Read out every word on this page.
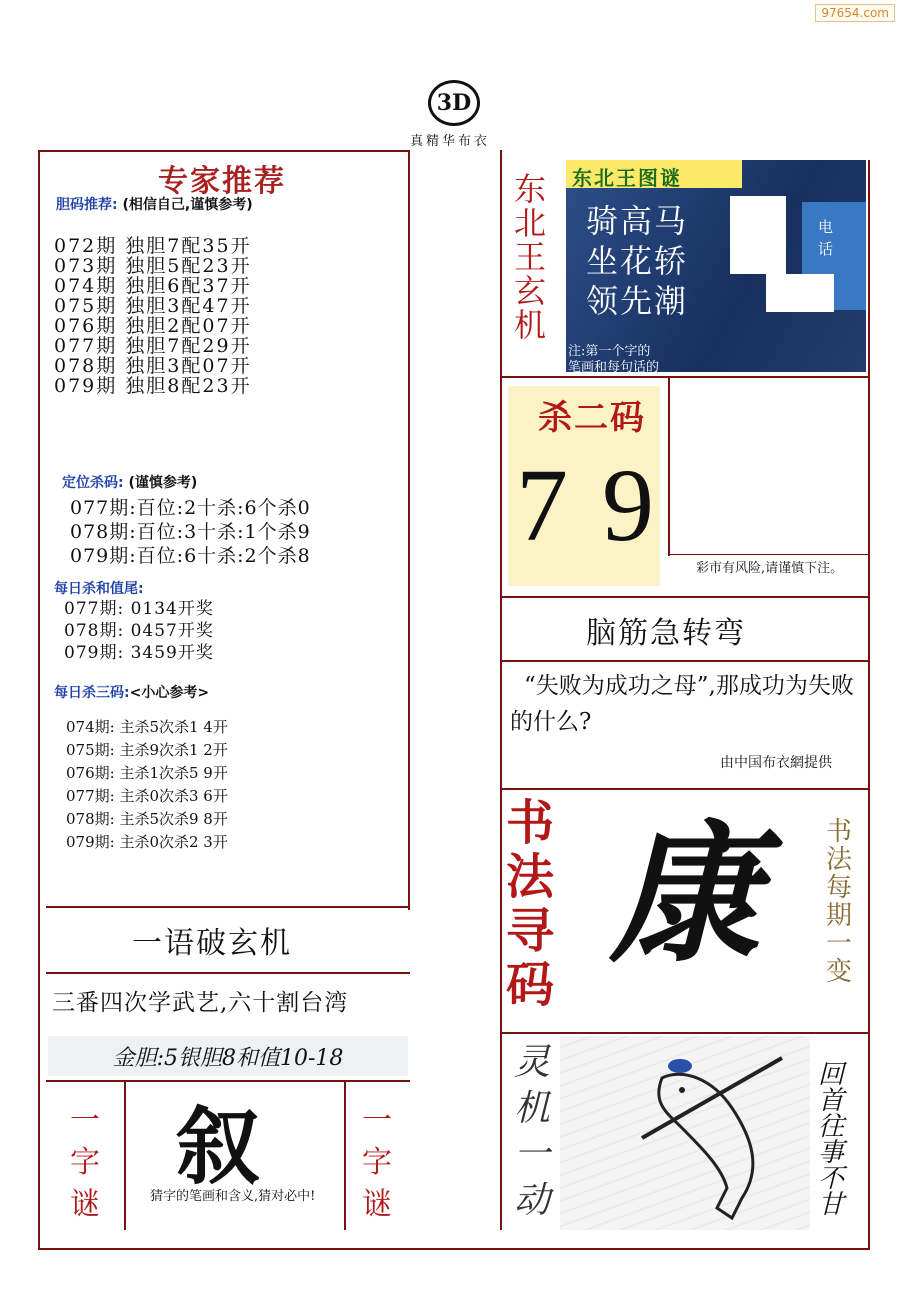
97654.com
3D
真精华布衣
专家推荐
胆码推荐: (相信自己,谨慎参考)
072期 独胆7配35开
073期 独胆5配23开
074期 独胆6配37开
075期 独胆3配47开
076期 独胆2配07开
077期 独胆7配29开
078期 独胆3配07开
079期 独胆8配23开
定位杀码: (谨慎参考)
077期:百位:2十杀:6个杀0
078期:百位:3十杀:1个杀9
079期:百位:6十杀:2个杀8
每日杀和值尾:
077期: 0134开奖
078期: 0457开奖
079期: 3459开奖
每日杀三码:<小心参考>
074期: 主杀5次杀1 4开
075期: 主杀9次杀1 2开
076期: 主杀1次杀5 9开
077期: 主杀0次杀3 6开
078期: 主杀5次杀9 8开
079期: 主杀0次杀2 3开
一语破玄机
三番四次学武艺,六十割台湾
金胆:5银胆8和值10-18
一字谜
一字谜
叙
猜字的笔画和含义,猜对必中!
东北王玄机
东北王图谜
骑高马
坐花轿
领先潮
电话
注:第一个字的
笔画和每句话的
杀二码
7 9
彩市有风险,请谨慎下注。
脑筋急转弯
“失败为成功之母”,那成功为失败的什么?
由中国布衣網提供
书法寻码
康	书法每期一变
灵机一动
回首往事不甘
